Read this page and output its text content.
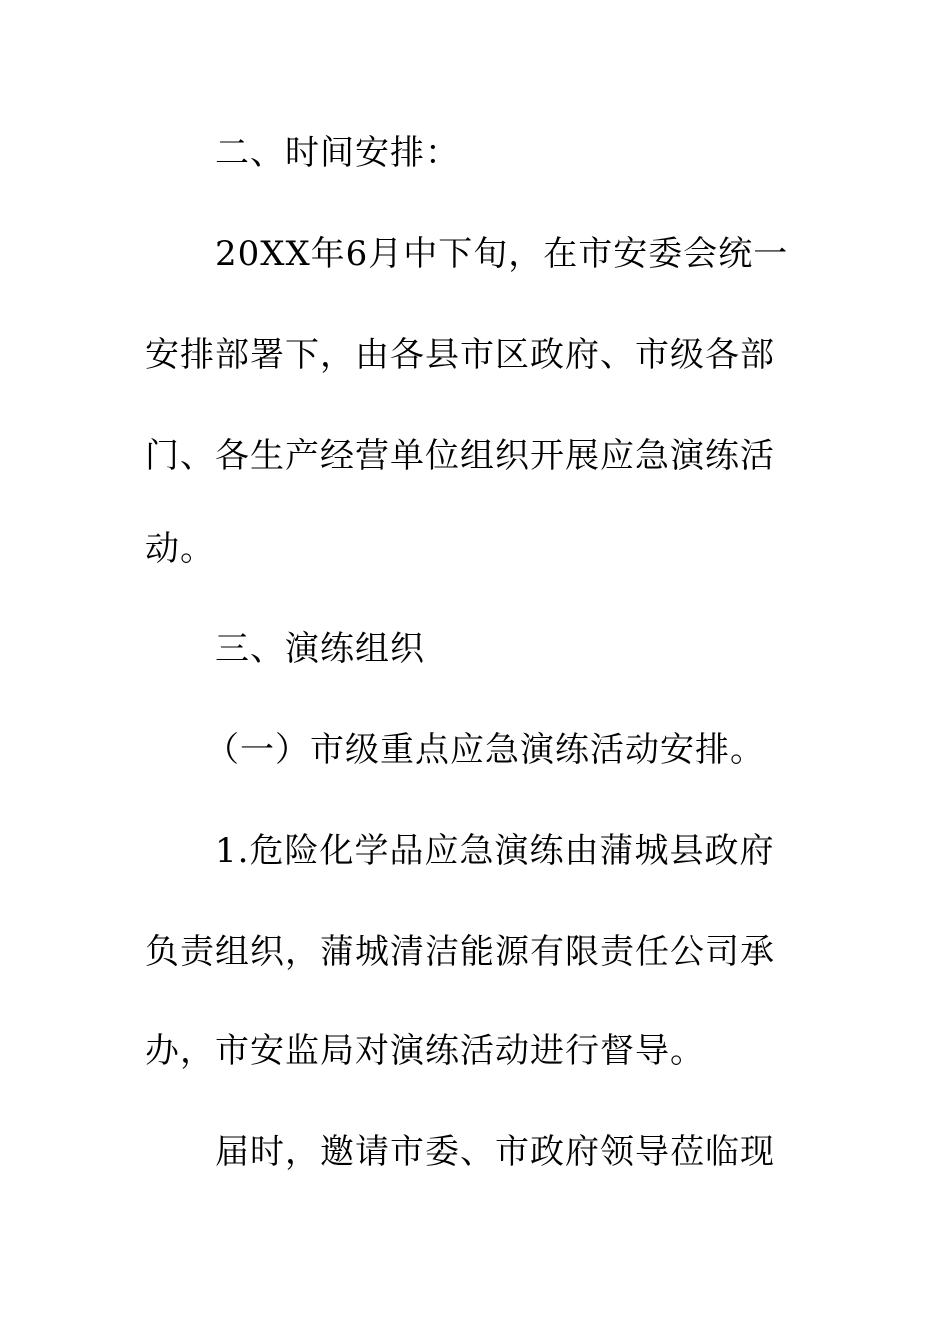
二、时间安排：
20XX年6月中下旬，在市安委会统一
安排部署下，由各县市区政府、市级各部
门、各生产经营单位组织开展应急演练活
动。
三、演练组织
（一）市级重点应急演练活动安排。
1.危险化学品应急演练由蒲城县政府
负责组织，蒲城清洁能源有限责任公司承
办，市安监局对演练活动进行督导。
届时，邀请市委、市政府领导莅临现
